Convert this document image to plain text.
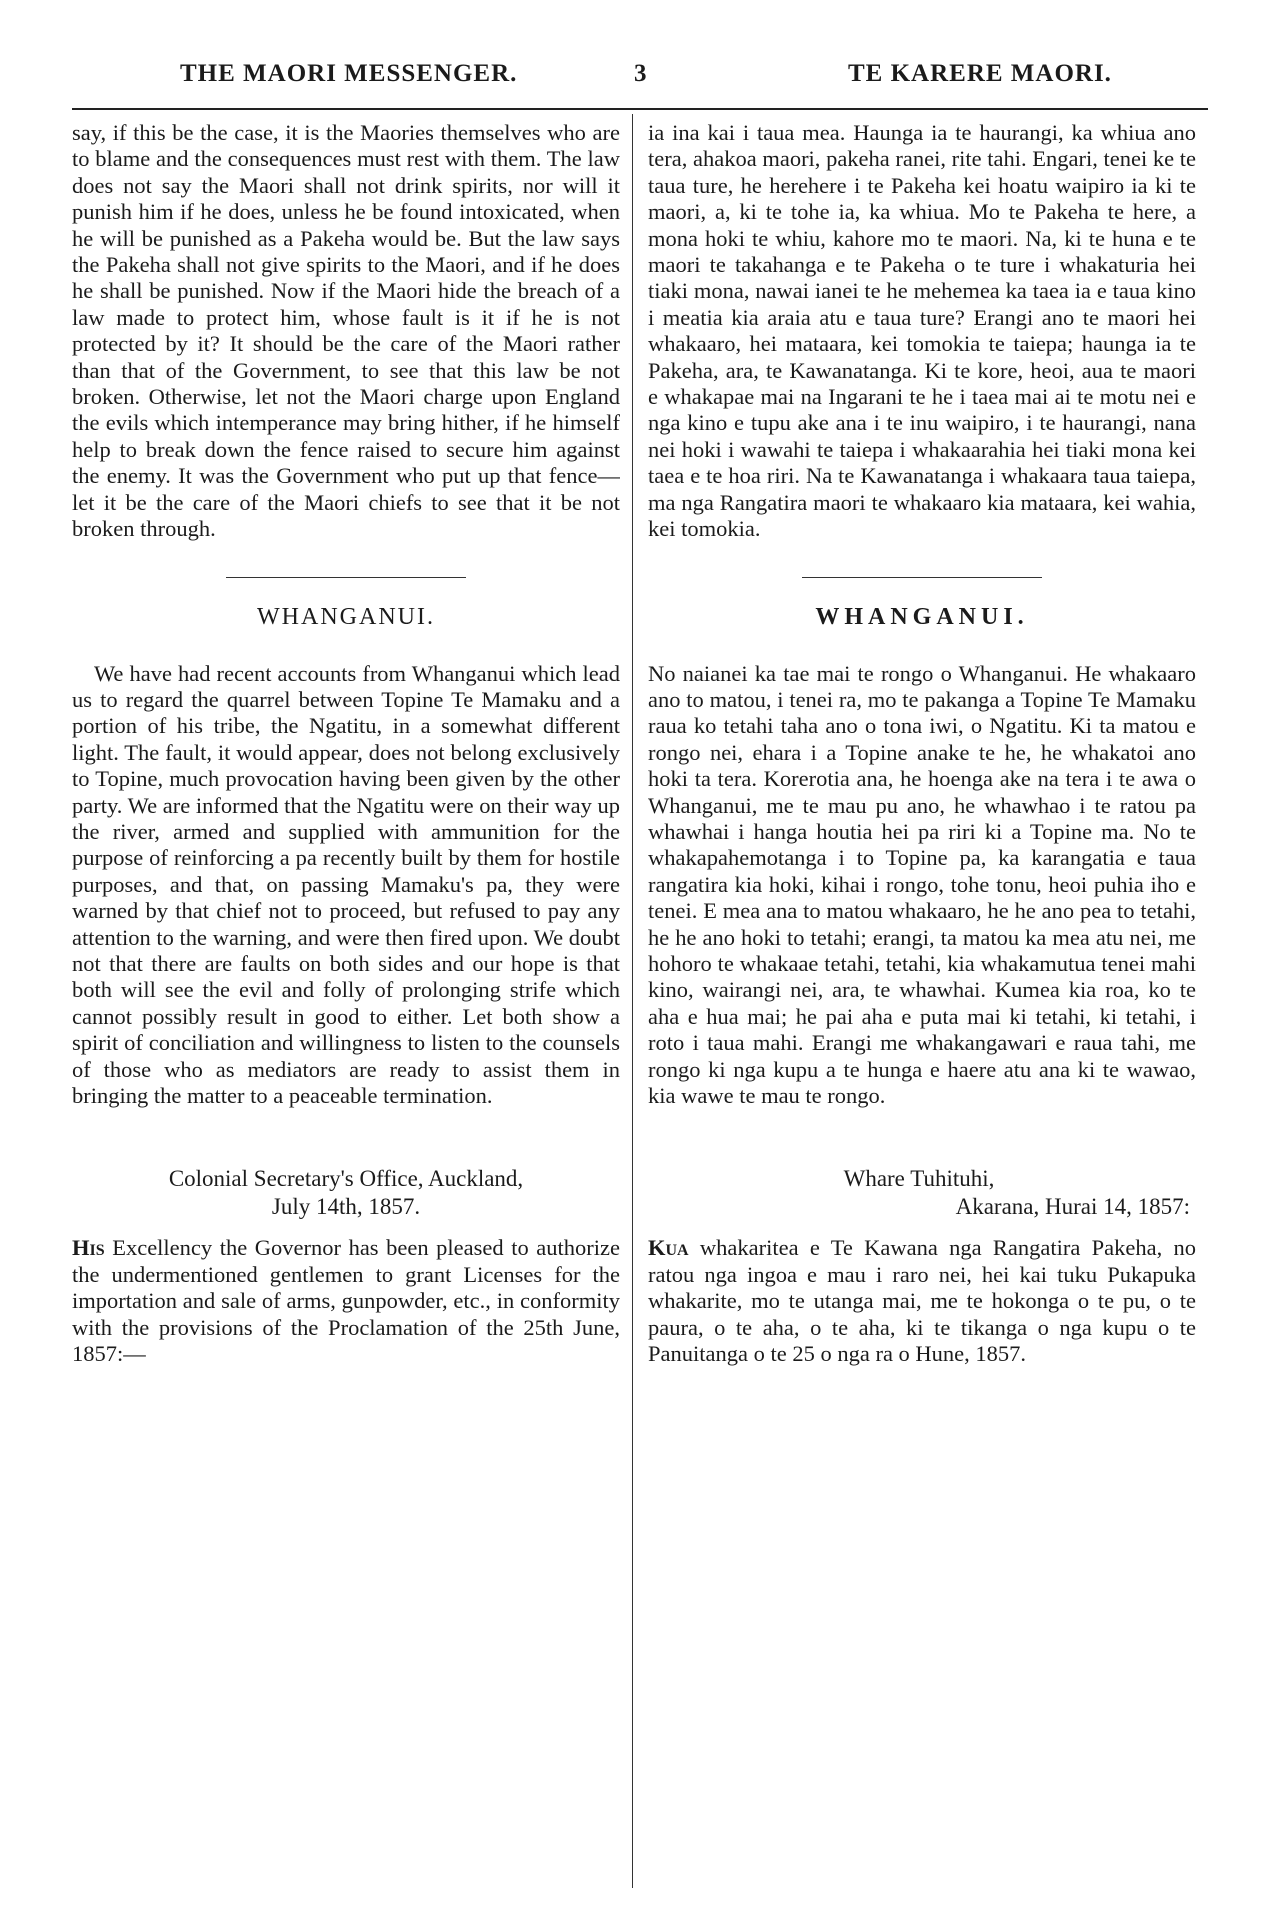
THE MAORI MESSENGER.	3	TE KARERE MAORI.

say, if this be the case, it is the Maories themselves who are to blame and the consequences must rest with them. The law does not say the Maori shall not drink spirits, nor will it punish him if he does, unless he be found intoxicated, when he will be punished as a Pakeha would be. But the law says the Pakeha shall not give spirits to the Maori, and if he does he shall be punished. Now if the Maori hide the breach of a law made to protect him, whose fault is it if he is not protected by it? It should be the care of the Maori rather than that of the Government, to see that this law be not broken. Otherwise, let not the Maori charge upon England the evils which intemperance may bring hither, if he himself help to break down the fence raised to secure him against the enemy. It was the Government who put up that fence—let it be the care of the Maori chiefs to see that it be not broken through.

WHANGANUI.

We have had recent accounts from Whanganui which lead us to regard the quarrel between Topine Te Mamaku and a portion of his tribe, the Ngatitu, in a somewhat different light. The fault, it would appear, does not belong exclusively to Topine, much provocation having been given by the other party. We are informed that the Ngatitu were on their way up the river, armed and supplied with ammunition for the purpose of reinforcing a pa recently built by them for hostile purposes, and that, on passing Mamaku's pa, they were warned by that chief not to proceed, but refused to pay any attention to the warning, and were then fired upon. We doubt not that there are faults on both sides and our hope is that both will see the evil and folly of prolonging strife which cannot possibly result in good to either. Let both show a spirit of conciliation and willingness to listen to the counsels of those who as mediators are ready to assist them in bringing the matter to a peaceable termination.

Colonial Secretary's Office, Auckland,
July 14th, 1857.

His Excellency the Governor has been pleased to authorize the undermentioned gentlemen to grant Licenses for the importation and sale of arms, gunpowder, etc., in conformity with the provisions of the Proclamation of the 25th June, 1857:—

ia ina kai i taua mea. Haunga ia te haurangi, ka whiua ano tera, ahakoa maori, pakeha ranei, rite tahi. Engari, tenei ke te taua ture, he herehere i te Pakeha kei hoatu waipiro ia ki te maori, a, ki te tohe ia, ka whiua. Mo te Pakeha te here, a mona hoki te whiu, kahore mo te maori. Na, ki te huna e te maori te takahanga e te Pakeha o te ture i whakaturia hei tiaki mona, nawai ianei te he mehemea ka taea ia e taua kino i meatia kia araia atu e taua ture? Erangi ano te maori hei whakaaro, hei mataara, kei tomokia te taiepa; haunga ia te Pakeha, ara, te Kawanatanga. Ki te kore, heoi, aua te maori e whakapae mai na Ingarani te he i taea mai ai te motu nei e nga kino e tupu ake ana i te inu waipiro, i te haurangi, nana nei hoki i wawahi te taiepa i whakaarahia hei tiaki mona kei taea e te hoa riri. Na te Kawanatanga i whakaara taua taiepa, ma nga Rangatira maori te whakaaro kia mataara, kei wahia, kei tomokia.

WHANGANUI.

No naianei ka tae mai te rongo o Whanganui. He whakaaro ano to matou, i tenei ra, mo te pakanga a Topine Te Mamaku raua ko tetahi taha ano o tona iwi, o Ngatitu. Ki ta matou e rongo nei, ehara i a Topine anake te he, he whakatoi ano hoki ta tera. Korerotia ana, he hoenga ake na tera i te awa o Whanganui, me te mau pu ano, he whawhao i te ratou pa whawhai i hanga houtia hei pa riri ki a Topine ma. No te whakapahemotanga i to Topine pa, ka karangatia e taua rangatira kia hoki, kihai i rongo, tohe tonu, heoi puhia iho e tenei. E mea ana to matou whakaaro, he he ano pea to tetahi, he he ano hoki to tetahi; erangi, ta matou ka mea atu nei, me hohoro te whakaae tetahi, tetahi, kia whakamutua tenei mahi kino, wairangi nei, ara, te whawhai. Kumea kia roa, ko te aha e hua mai; he pai aha e puta mai ki tetahi, ki tetahi, i roto i taua mahi. Erangi me whakangawari e raua tahi, me rongo ki nga kupu a te hunga e haere atu ana ki te wawao, kia wawe te mau te rongo.

Whare Tuhituhi,
Akarana, Hurai 14, 1857:

Kua whakaritea e Te Kawana nga Rangatira Pakeha, no ratou nga ingoa e mau i raro nei, hei kai tuku Pukapuka whakarite, mo te utanga mai, me te hokonga o te pu, o te paura, o te aha, o te aha, ki te tikanga o nga kupu o te Panuitanga o te 25 o nga ra o Hune, 1857.
